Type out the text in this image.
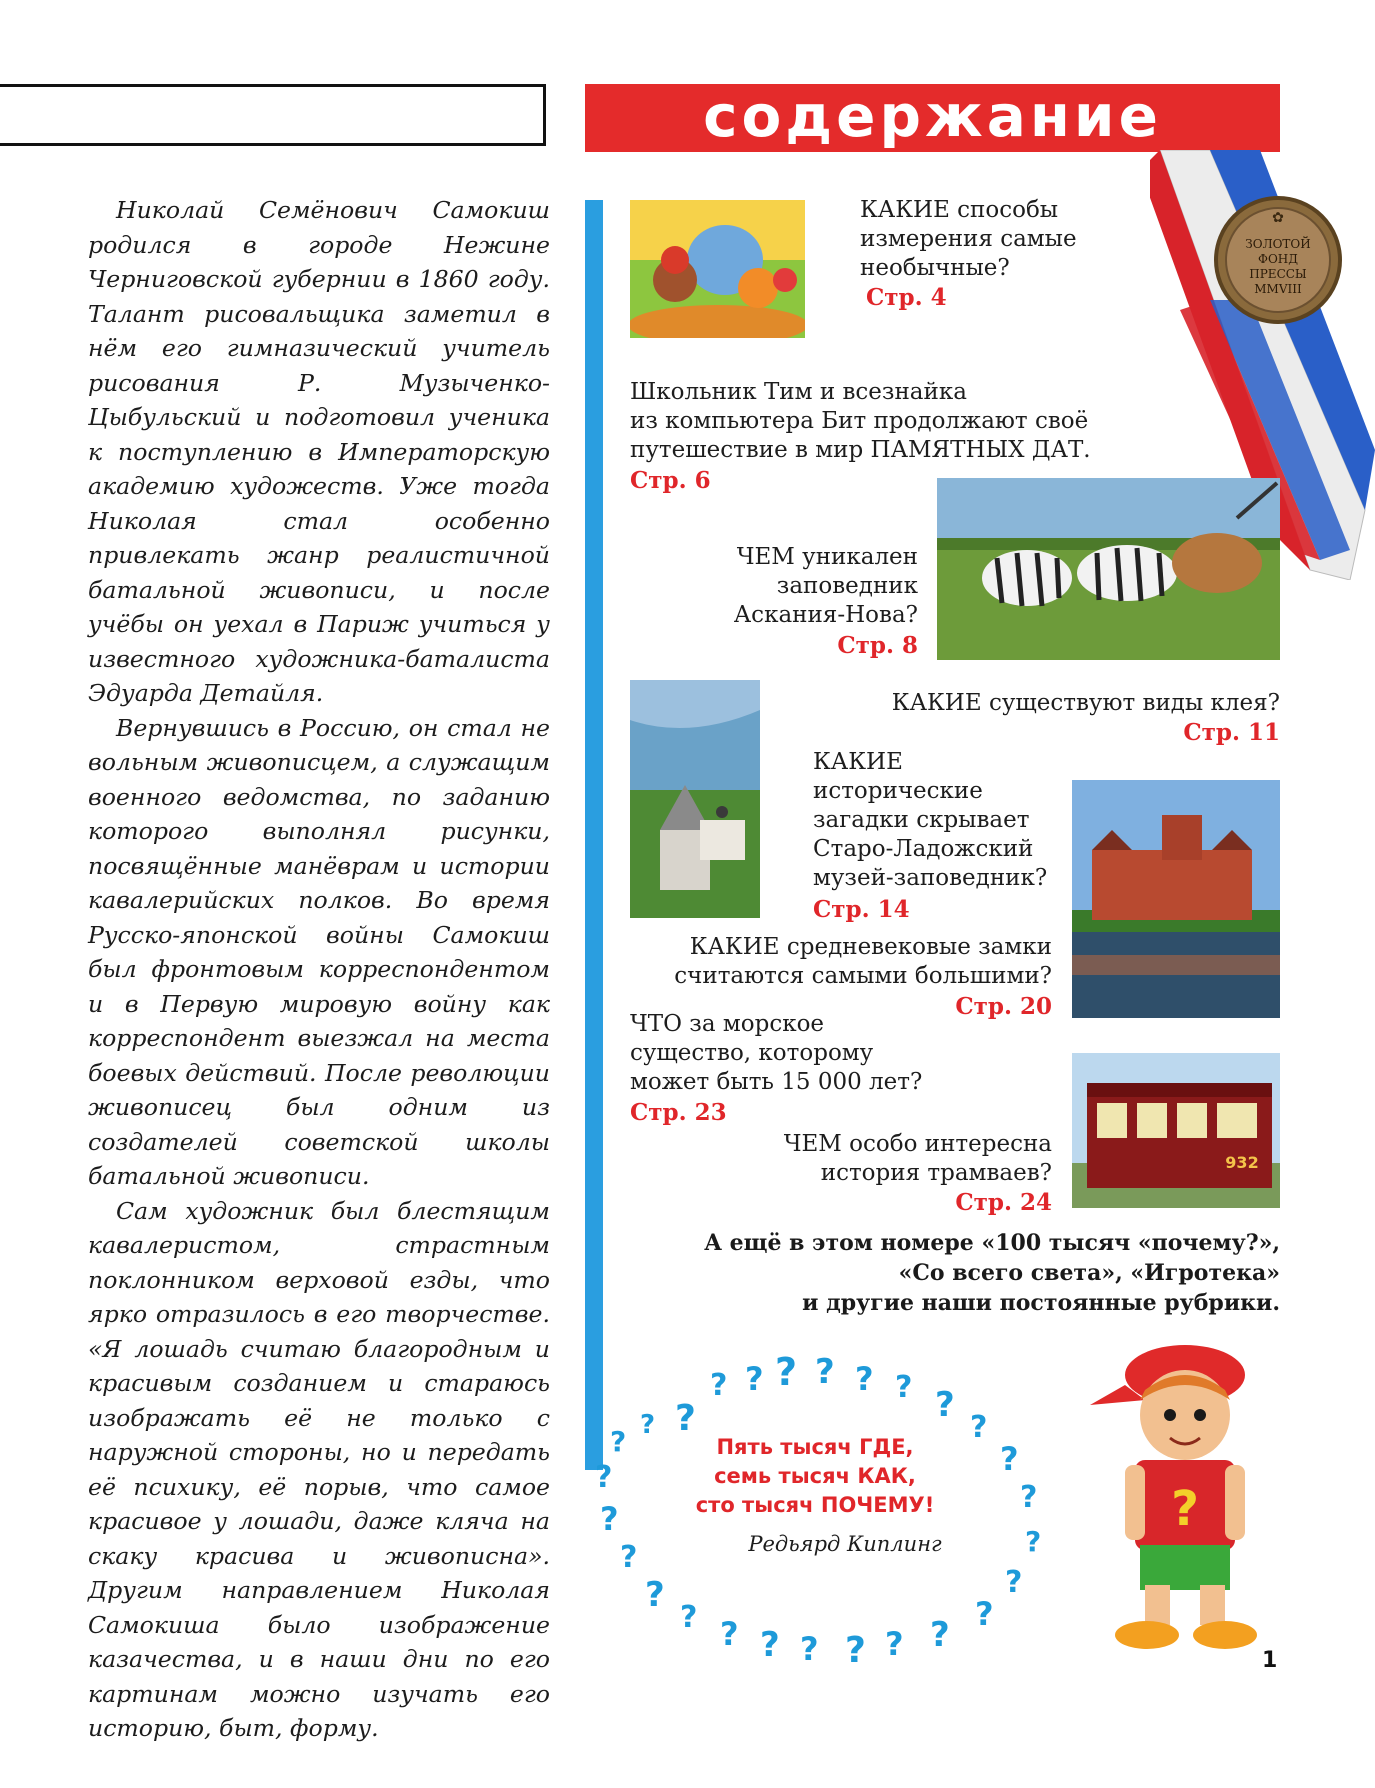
Николай Семёнович Самокиш родился в городе Нежине Черниговской губернии в 1860 году. Талант рисовальщика заметил в нём его гимназический учитель рисования Р. Музыченко-Цыбульский и подготовил ученика к поступлению в Императорскую академию художеств. Уже тогда Николая стал особенно привлекать жанр реалистичной батальной живописи, и после учёбы он уехал в Париж учиться у известного художника-баталиста Эдуарда Детайля.

Вернувшись в Россию, он стал не вольным живописцем, а служащим военного ведомства, по заданию которого выполнял рисунки, посвящённые манёврам и истории кавалерийских полков. Во время Русско-японской войны Самокиш был фронтовым корреспондентом и в Первую мировую войну как корреспондент выезжал на места боевых действий. После революции живописец был одним из создателей советской школы батальной живописи.

Сам художник был блестящим кавалеристом, страстным поклонником верховой езды, что ярко отразилось в его творчестве. «Я лошадь считаю благородным и красивым созданием и стараюсь изображать её не только с наружной стороны, но и передать её психику, её порыв, что самое красивое у лошади, даже кляча на скаку красива и живописна». Другим направлением Николая Самокиша было изображение казачества, и в наши дни по его картинам можно изучать его историю, быт, форму.

содержание
✿
ЗОЛОТОЙ
ФОНД
ПРЕССЫ
MMVIII
КАКИЕ способы
измерения самые
необычные?
Стр. 4
Школьник Тим и всезнайка
из компьютера Бит продолжают своё
путешествие в мир ПАМЯТНЫХ ДАТ.
Стр. 6
ЧЕМ уникален
заповедник
Аскания-Нова?
Стр. 8
КАКИЕ существуют виды клея?
Стр. 11
КАКИЕ
исторические
загадки скрывает
Старо-Ладожский
музей-заповедник?
Стр. 14
КАКИЕ средневековые замки
считаются самыми большими?
Стр. 20
ЧТО за морское
существо, которому
может быть 15 000 лет?
Стр. 23
932
ЧЕМ особо интересна
история трамваев?
Стр. 24
А ещё в этом номере «100 тысяч «почему?»,
«Со всего света», «Игротека»
и другие наши постоянные рубрики.
?
? ? ? ? ? ? ?
?
?
?
?
?
?
?
?
?
?
?
?
?
?
?
?
?
? ?
Пять тысяч ГДЕ,
семь тысяч КАК,
сто тысяч ПОЧЕМУ!
Редьярд Киплинг
?
1
